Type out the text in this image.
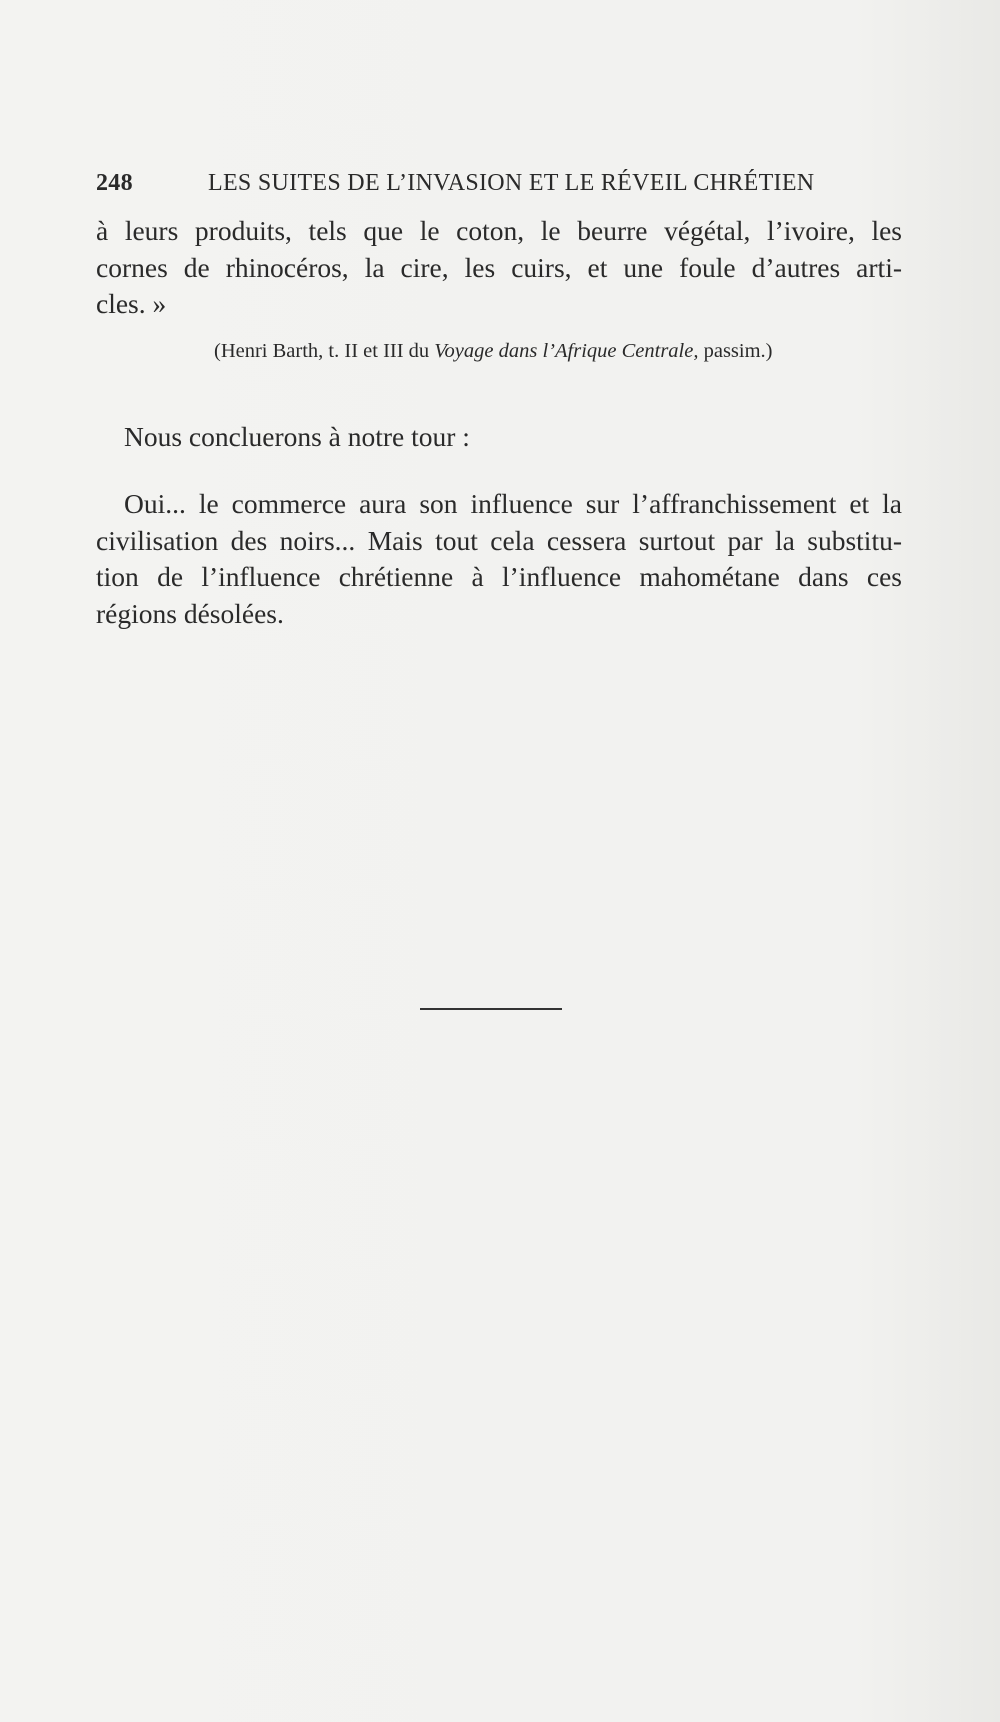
248	LES SUITES DE L’INVASION ET LE RÉVEIL CHRÉTIEN
à leurs produits, tels que le coton, le beurre végétal, l’ivoire, les
cornes de rhinocéros, la cire, les cuirs, et une foule d’autres arti-
cles. »
(Henri Barth, t. II et III du Voyage dans l’Afrique Centrale, passim.)
Nous concluerons à notre tour :
Oui... le commerce aura son influence sur l’affranchissement et la
civilisation des noirs... Mais tout cela cessera surtout par la substitu-
tion de l’influence chrétienne à l’influence mahométane dans ces
régions désolées.
